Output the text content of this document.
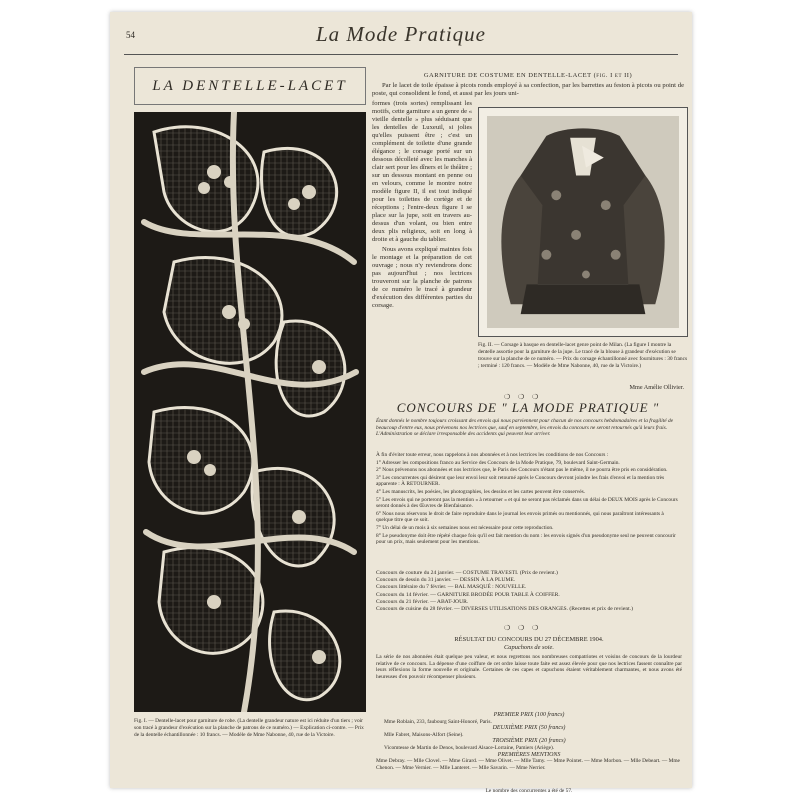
54	La Mode Pratique
LA DENTELLE-LACET
Fig. I. — Dentelle-lacet pour garniture de robe. (La dentelle grandeur nature est ici réduite d'un tiers ; voir son tracé à grandeur d'exécution sur la planche de patrons de ce numéro.) — Explication ci-contre. — Prix de la dentelle échantillonnée : 10 francs. — Modèle de Mme Nabonne, 40, rue de la Victoire.
GARNITURE DE COSTUME EN DENTELLE-LACET (fig. I et II)
Par le lacet de toile épaisse à picots ronds employé à sa confection, par les barrettes au feston à picots ou point de poste, qui consolident le fond, et aussi par les jours uni-
formes (trois sortes) remplissant les motifs, cette garniture a un genre de « vieille dentelle » plus séduisant que les dentelles de Luxeuil, si jolies qu'elles puissent être ; c'est un complément de toilette d'une grande élégance ; le corsage porté sur un dessous décolleté avec les manches à clair sert pour les dîners et le théâtre ; sur un dessous montant en penne ou en velours, comme le montre notre modèle figure II, il est tout indiqué pour les toilettes de cortège et de réceptions ; l'entre-deux figure I se place sur la jupe, soit en travers au-dessus d'un volant, ou bien entre deux plis religieux, soit en long à droite et à gauche du tablier.

Nous avons expliqué maintes fois le montage et la préparation de cet ouvrage ; nous n'y reviendrons donc pas aujourd'hui ; nos lectrices trouveront sur la planche de patrons de ce numéro le tracé à grandeur d'exécution des différentes parties du corsage.

Fig. II. — Corsage à basque en dentelle-lacet genre point de Milan. (La figure I montre la dentelle assortie pour la garniture de la jupe. Le tracé de la blouse à grandeur d'exécution se trouve sur la planche de ce numéro. — Prix du corsage échantillonné avec fournitures : 30 francs ; terminé : 120 francs. — Modèle de Mme Nabonne, 40, rue de la Victoire.)
Mme Amélie Ollivier.
❍ ❍ ❍
CONCOURS DE " LA MODE PRATIQUE "
Étant donnés le nombre toujours croissant des envois qui nous parviennent pour chacun de nos concours hebdomadaires et la fragilité de beaucoup d'entre eux, nous prévenons nos lectrices que, sauf en septembre, les envois du concours ne seront retournés qu'à leurs frais. L'Administration se déclare irresponsable des accidents qui peuvent leur arriver.

À fin d'éviter toute erreur, nous rappelons à nos abonnées et à nos lectrices les conditions de nos Concours :

1° Adresser les compositions franco au Service des Concours de la Mode Pratique, 79, boulevard Saint-Germain.

2° Nous prévenons nos abonnées et nos lectrices que, le Paris des Concours n'étant pas le même, il ne pourra être pris en considération.

3° Les concurrentes qui désirent que leur envoi leur soit retourné après le Concours devront joindre les frais d'envoi et la mention très apparente : À RETOURNER.

4° Les manuscrits, les poésies, les photographies, les dessins et les cartes peuvent être conservés.

5° Les envois qui ne porteront pas la mention « à retourner » et qui ne seront pas réclamés dans un délai de DEUX MOIS après le Concours seront donnés à des Œuvres de Bienfaisance.

6° Nous nous réservons le droit de faire reproduire dans le journal les envois primés ou mentionnés, qui nous paraîtront intéressants à quelque titre que ce soit.

7° Un délai de un mois à six semaines nous est nécessaire pour cette reproduction.

8° Le pseudonyme doit être répété chaque fois qu'il est fait mention du nom : les envois signés d'un pseudonyme seul ne peuvent concourir pour un prix, mais seulement pour les mentions.

Concours de couture du 24 janvier. — COSTUME TRAVESTI. (Prix de revient.)
Concours de dessin du 31 janvier. — DESSIN À LA PLUME.
Concours littéraire du 7 février. — BAL MASQUÉ : NOUVELLE.
Concours du 14 février. — GARNITURE BRODÉE POUR TABLE À COIFFER.
Concours du 21 février. — ABAT-JOUR.
Concours de cuisine du 28 février. — DIVERSES UTILISATIONS DES ORANGES. (Recettes et prix de revient.)
❍ ❍ ❍
RÉSULTAT DU CONCOURS DU 27 DÉCEMBRE 1904.
Capuchons de soie.
La série de nos abonnées était quelque peu valeur, et nous regrettons nos nombreuses compatriotes et voisins de concours de la lourdeur relative de ce concours. La dépense d'une coiffure de cet ordre laisse toute faite est assez élevée pour que nos lectrices fassent connaître par leurs réflexions la forme nouvelle et originale. Certaines de ces capes et capuchons étaient véritablement charmantes, et nous avons été heureuses d'en pouvoir récompenser plusieurs.
PREMIER PRIX (100 francs)
Mme Roblain, 233, faubourg Saint-Honoré, Paris.
DEUXIÈME PRIX (50 francs)
Mlle Fabret, Maisons-Alfort (Seine).
TROISIÈME PRIX (20 francs)
Vicomtesse de Martin de Denos, boulevard Alsace-Lorraine, Pamiers (Ariège).
PREMIÈRES MENTIONS
Mme Debray. — Mlle Clovel. — Mme Girard. — Mme Olivet. — Mlle Tamy. — Mme Pointet. — Mme Morbon. — Mlle Debeart. — Mme Chenon. — Mme Vernier. — Mlle Lanteret. — Mlle Savarin. — Mme Nerrier.
Le nombre des concurrentes a été de 57.
